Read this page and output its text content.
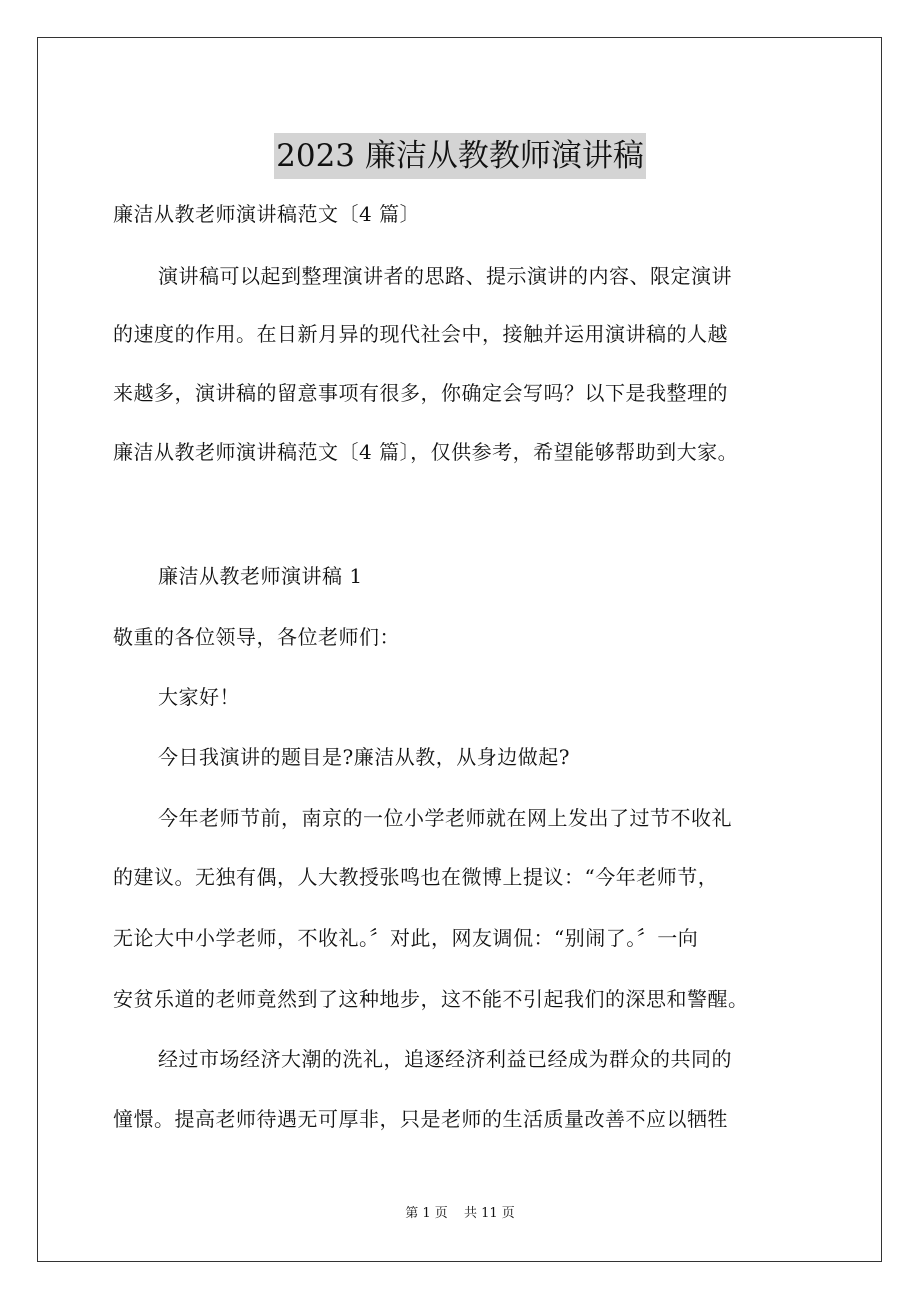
2023 廉洁从教教师演讲稿
廉洁从教老师演讲稿范文〔4 篇〕
演讲稿可以起到整理演讲者的思路、提示演讲的内容、限定演讲
的速度的作用。在日新月异的现代社会中，接触并运用演讲稿的人越
来越多，演讲稿的留意事项有很多，你确定会写吗？以下是我整理的
廉洁从教老师演讲稿范文〔4 篇〕，仅供参考，希望能够帮助到大家。
廉洁从教老师演讲稿 1
敬重的各位领导，各位老师们：
大家好！
今日我演讲的题目是?廉洁从教，从身边做起?
今年老师节前，南京的一位小学老师就在网上发出了过节不收礼
的建议。无独有偶，人大教授张鸣也在微博上提议：“今年老师节，
无论大中小学老师，不收礼。〞对此，网友调侃：“别闹了。〞一向
安贫乐道的老师竟然到了这种地步，这不能不引起我们的深思和警醒。
经过市场经济大潮的洗礼，追逐经济利益已经成为群众的共同的
憧憬。提高老师待遇无可厚非，只是老师的生活质量改善不应以牺牲
第 1 页 共 11 页
